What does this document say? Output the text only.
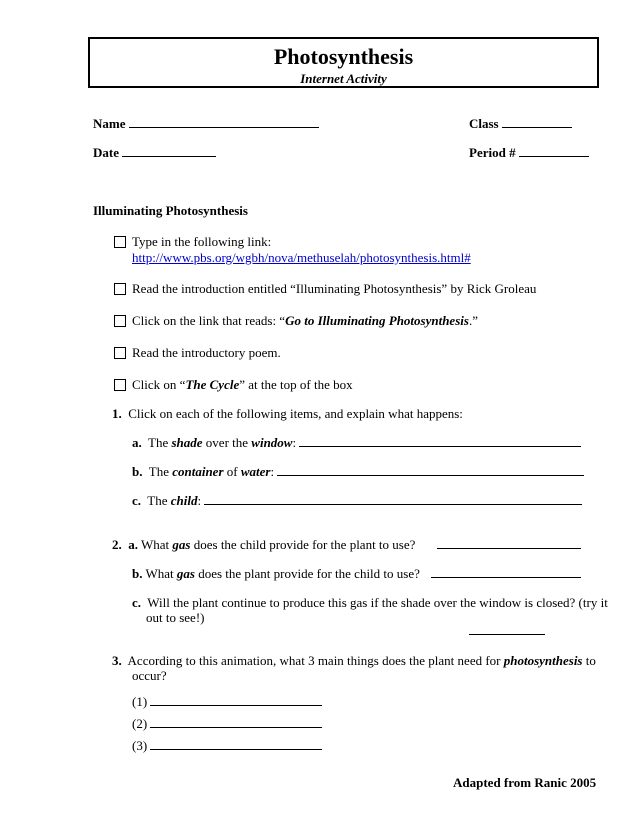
Photosynthesis
Internet Activity
Name	Class
Date	Period #
Illuminating Photosynthesis
Type in the following link:
http://www.pbs.org/wgbh/nova/methuselah/photosynthesis.html#
Read the introduction entitled “Illuminating Photosynthesis” by Rick Groleau
Click on the link that reads: “Go to Illuminating Photosynthesis.”
Read the introductory poem.
Click on “The Cycle” at the top of the box
1. Click on each of the following items, and explain what happens:
a. The shade over the window:
b. The container of water:
c. The child:
2. a. What gas does the child provide for the plant to use?
b. What gas does the plant provide for the child to use?
c. Will the plant continue to produce this gas if the shade over the window is closed? (try it
out to see!)
3. According to this animation, what 3 main things does the plant need for photosynthesis to
occur?
(1)
(2)
(3)
Adapted from Ranic 2005
